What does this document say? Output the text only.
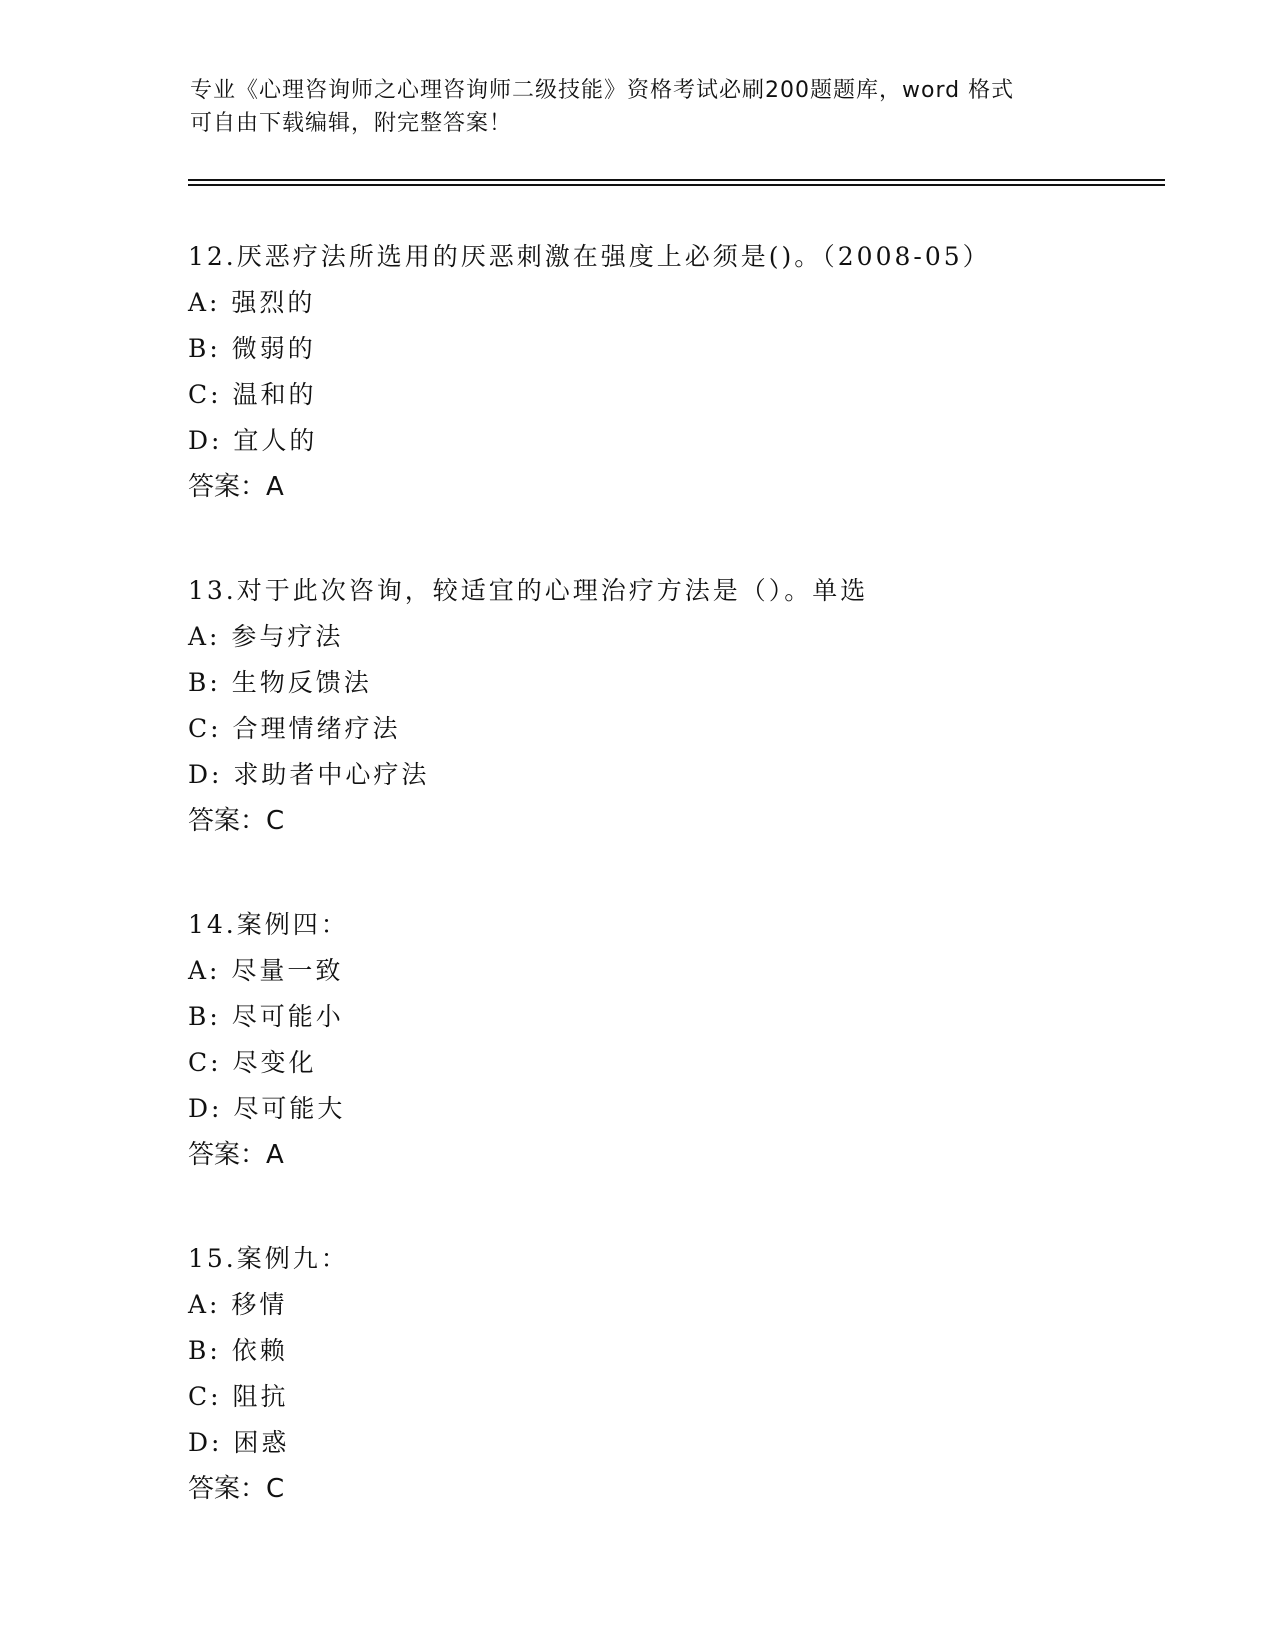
专业《心理咨询师之心理咨询师二级技能》资格考试必刷200题题库，word 格式
可自由下载编辑，附完整答案！
12.厌恶疗法所选用的厌恶刺激在强度上必须是()。（2008-05）
A: 强烈的
B: 微弱的
C: 温和的
D: 宜人的
答案：A
13.对于此次咨询，较适宜的心理治疗方法是（）。单选
A: 参与疗法
B: 生物反馈法
C: 合理情绪疗法
D: 求助者中心疗法
答案：C
14.案例四：
A: 尽量一致
B: 尽可能小
C: 尽变化
D: 尽可能大
答案：A
15.案例九：
A: 移情
B: 依赖
C: 阻抗
D: 困惑
答案：C
